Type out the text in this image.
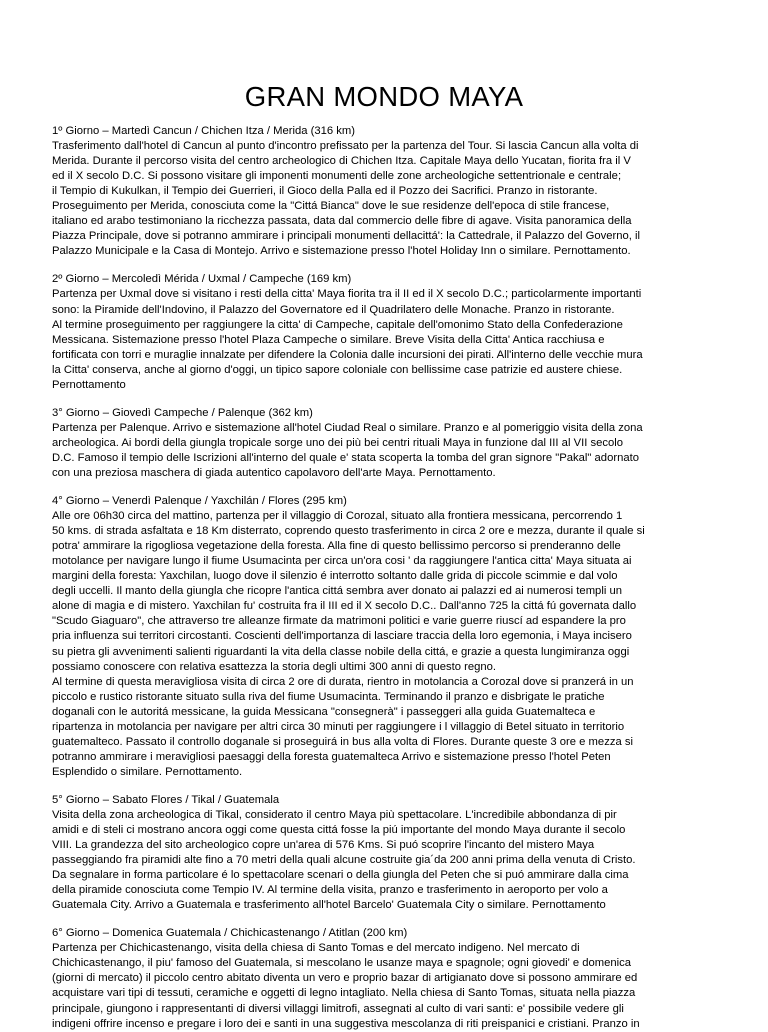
GRAN MONDO MAYA
1º Giorno – Martedì Cancun / Chichen Itza / Merida (316 km)
Trasferimento dall'hotel di Cancun al punto d'incontro prefissato per la partenza del Tour. Si lascia Cancun alla volta di
Merida. Durante il percorso visita del centro archeologico di Chichen Itza. Capitale Maya dello Yucatan, fiorita fra il V
ed il X secolo D.C. Si possono visitare gli imponenti monumenti delle zone archeologiche settentrionale e centrale;
il Tempio di Kukulkan, il Tempio dei Guerrieri, il Gioco della Palla ed il Pozzo dei Sacrifici. Pranzo in ristorante.
Proseguimento per Merida, conosciuta come la "Cittá Bianca" dove le sue residenze dell'epoca di stile francese,
italiano ed arabo testimoniano la ricchezza passata, data dal commercio delle fibre di agave. Visita panoramica della
Piazza Principale, dove si potranno ammirare i principali monumenti dellacittá': la Cattedrale, il Palazzo del Governo, il
Palazzo Municipale e la Casa di Montejo. Arrivo e sistemazione presso l'hotel Holiday Inn o similare. Pernottamento.
2º Giorno – Mercoledì Mérida / Uxmal / Campeche (169 km)
Partenza per Uxmal dove si visitano i resti della citta' Maya fiorita tra il II ed il X secolo D.C.; particolarmente importanti
sono: la Piramide dell'Indovino, il Palazzo del Governatore ed il Quadrilatero delle Monache. Pranzo in ristorante.
Al termine proseguimento per raggiungere la citta' di Campeche, capitale dell'omonimo Stato della Confederazione
Messicana. Sistemazione presso l'hotel Plaza Campeche o similare. Breve Visita della Citta' Antica racchiusa e
fortificata con torri e muraglie innalzate per difendere la Colonia dalle incursioni dei pirati. All'interno delle vecchie mura
la Citta' conserva, anche al giorno d'oggi, un tipico sapore coloniale con bellissime case patrizie ed austere chiese.
Pernottamento
3° Giorno – Giovedì Campeche / Palenque (362 km)
Partenza per Palenque. Arrivo e sistemazione all'hotel Ciudad Real o similare. Pranzo e al pomeriggio visita della zona
archeologica. Ai bordi della giungla tropicale sorge uno dei più bei centri rituali Maya in funzione dal III al VII secolo
D.C. Famoso il tempio delle Iscrizioni all'interno del quale e' stata scoperta la tomba del gran signore "Pakal" adornato
con una preziosa maschera di giada autentico capolavoro dell'arte Maya. Pernottamento.
4° Giorno – Venerdì Palenque / Yaxchilán / Flores (295 km)
Alle ore 06h30 circa del mattino, partenza per il villaggio di Corozal, situato alla frontiera messicana, percorrendo 1
50 kms. di strada asfaltata e 18 Km disterrato, coprendo questo trasferimento in circa 2 ore e mezza, durante il quale si
potra' ammirare la rigogliosa vegetazione della foresta. Alla fine di questo bellissimo percorso si prenderanno delle
motolance per navigare lungo il fiume Usumacinta per circa un'ora cosi ' da raggiungere l'antica citta' Maya situata ai
margini della foresta: Yaxchilan, luogo dove il silenzio é interrotto soltanto dalle grida di piccole scimmie e dal volo
degli uccelli. Il manto della giungla che ricopre l'antica cittá sembra aver donato ai palazzi ed ai numerosi templi un
alone di magia e di mistero. Yaxchilan fu' costruita fra il III ed il X secolo D.C.. Dall'anno 725 la cittá fú governata dallo
"Scudo Giaguaro", che attraverso tre alleanze firmate da matrimoni politici e varie guerre riuscí ad espandere la pro
pria influenza sui territori circostanti. Coscienti dell'importanza di lasciare traccia della loro egemonia, i Maya incisero
su pietra gli avvenimenti salienti riguardanti la vita della classe nobile della cittá, e grazie a questa lungimiranza oggi
possiamo conoscere con relativa esattezza la storia degli ultimi 300 anni di questo regno.
Al termine di questa meravigliosa visita di circa 2 ore di durata, rientro in motolancia a Corozal dove si pranzerá in un
piccolo e rustico ristorante situato sulla riva del fiume Usumacinta. Terminando il pranzo e disbrigate le pratiche
doganali con le autoritá messicane, la guida Messicana "consegnerà" i passeggeri alla guida Guatemalteca e
ripartenza in motolancia per navigare per altri circa 30 minuti per raggiungere i l villaggio di Betel situato in territorio
guatemalteco. Passato il controllo doganale si proseguirá in bus alla volta di Flores. Durante queste 3 ore e mezza si
potranno ammirare i meravigliosi paesaggi della foresta guatemalteca Arrivo e sistemazione presso l'hotel Peten
Esplendido o similare. Pernottamento.
5° Giorno – Sabato Flores / Tikal / Guatemala
Visita della zona archeologica di Tikal, considerato il centro Maya più spettacolare. L'incredibile abbondanza di pir
amidi e di steli ci mostrano ancora oggi come questa cittá fosse la piú importante del mondo Maya durante il secolo
VIII. La grandezza del sito archeologico copre un'area di 576 Kms. Si puó scoprire l'incanto del mistero Maya
passeggiando fra piramidi alte fino a 70 metri della quali alcune costruite gia´da 200 anni prima della venuta di Cristo.
Da segnalare in forma particolare é lo spettacolare scenari o della giungla del Peten che si puó ammirare dalla cima
della piramide conosciuta come Tempio IV. Al termine della visita, pranzo e trasferimento in aeroporto per volo a
Guatemala City. Arrivo a Guatemala e trasferimento all'hotel Barcelo' Guatemala City o similare. Pernottamento
6° Giorno – Domenica Guatemala / Chichicastenango / Atitlan (200 km)
Partenza per Chichicastenango, visita della chiesa di Santo Tomas e del mercato indigeno. Nel mercato di
Chichicastenango, il piu' famoso del Guatemala, si mescolano le usanze maya e spagnole; ogni giovedi' e domenica
(giorni di mercato) il piccolo centro abitato diventa un vero e proprio bazar di artigianato dove si possono ammirare ed
acquistare vari tipi di tessuti, ceramiche e oggetti di legno intagliato. Nella chiesa di Santo Tomas, situata nella piazza
principale, giungono i rappresentanti di diversi villaggi limitrofi, assegnati al culto di vari santi: e' possibile vedere gli
indigeni offrire incenso e pregare i loro dei e santi in una suggestiva mescolanza di riti preispanici e cristiani. Pranzo in
